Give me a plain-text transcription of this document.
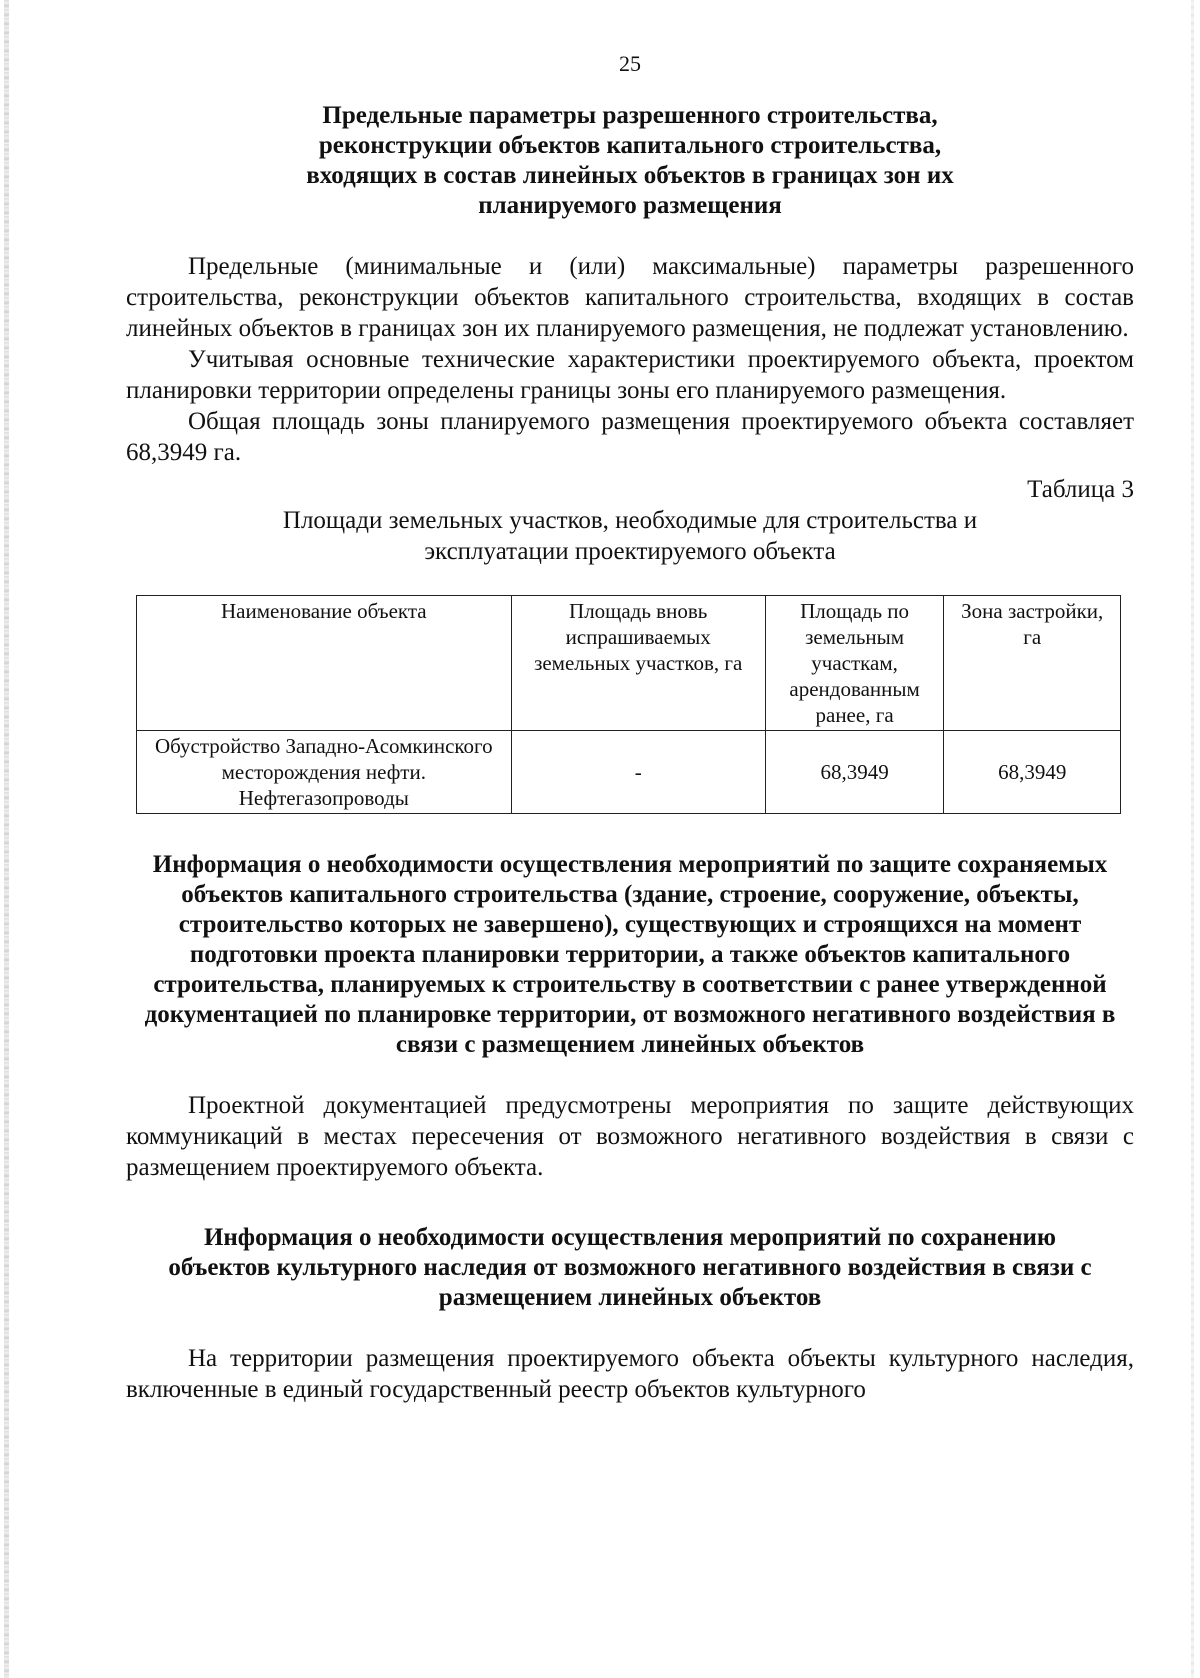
25

Предельные параметры разрешенного строительства, реконструкции объектов капитального строительства, входящих в состав линейных объектов в границах зон их планируемого размещения

Предельные (минимальные и (или) максимальные) параметры разрешенного строительства, реконструкции объектов капитального строительства, входящих в состав линейных объектов в границах зон их планируемого размещения, не подлежат установлению.

Учитывая основные технические характеристики проектируемого объекта, проектом планировки территории определены границы зоны его планируемого размещения.

Общая площадь зоны планируемого размещения проектируемого объекта составляет 68,3949 га.

Таблица 3

Площади земельных участков, необходимые для строительства и эксплуатации проектируемого объекта

Наименование объекта	Площадь вновь испрашиваемых земельных участков, га	Площадь по земельным участкам, арендованным ранее, га	Зона застройки, га
Обустройство Западно-Асомкинского месторождения нефти. Нефтегазопроводы	-	68,3949	68,3949

Информация о необходимости осуществления мероприятий по защите сохраняемых объектов капитального строительства (здание, строение, сооружение, объекты, строительство которых не завершено), существующих и строящихся на момент подготовки проекта планировки территории, а также объектов капитального строительства, планируемых к строительству в соответствии с ранее утвержденной документацией по планировке территории, от возможного негативного воздействия в связи с размещением линейных объектов

Проектной документацией предусмотрены мероприятия по защите действующих коммуникаций в местах пересечения от возможного негативного воздействия в связи с размещением проектируемого объекта.

Информация о необходимости осуществления мероприятий по сохранению объектов культурного наследия от возможного негативного воздействия в связи с размещением линейных объектов

На территории размещения проектируемого объекта объекты культурного наследия, включенные в единый государственный реестр объектов культурного
